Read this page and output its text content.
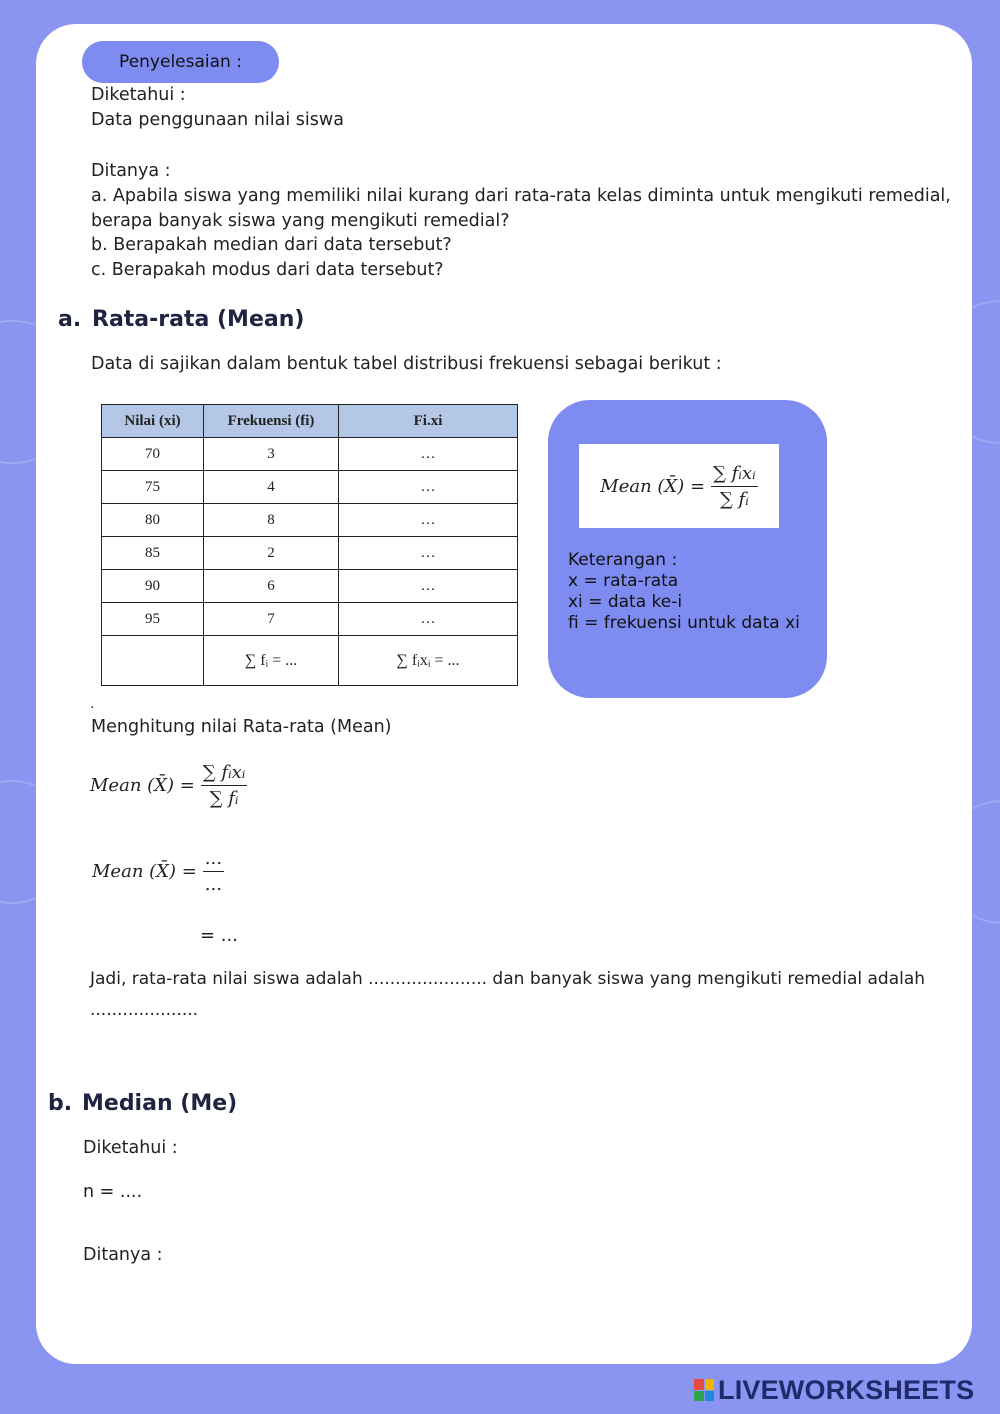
Penyelesaian :
Diketahui :
Data penggunaan nilai siswa
Ditanya :
a. Apabila siswa yang memiliki nilai kurang dari rata-rata kelas diminta untuk mengikuti remedial,
berapa banyak siswa yang mengikuti remedial?
b. Berapakah median dari data tersebut?
c. Berapakah modus dari data tersebut?
a. Rata-rata (Mean)
Data di sajikan dalam bentuk tabel distribusi frekuensi sebagai berikut :
Nilai (xi)	Frekuensi (fi)	Fi.xi
70	3	…
75	4	…
80	8	…
85	2	…
90	6	…
95	7	…
	∑ fᵢ = ...	∑ fᵢxᵢ = ...
Mean (X̄) = $\frac{\text{∑ fᵢxᵢ}}{\text{∑ fᵢ}}$
Keterangan :
x = rata-rata
xi = data ke-i
fi = frekuensi untuk data xi
.
Menghitung nilai Rata-rata (Mean)
Mean (X̄) = $\frac{\text{∑ fᵢxᵢ}}{\text{∑ fᵢ}}$
Mean (X̄) = $\frac{...}{...}$
= ...
Jadi, rata-rata nilai siswa adalah ...................... dan banyak siswa yang mengikuti remedial adalah
....................
b. Median (Me)
Diketahui :
n = ....
Ditanya :
LIVEWORKSHEETS
